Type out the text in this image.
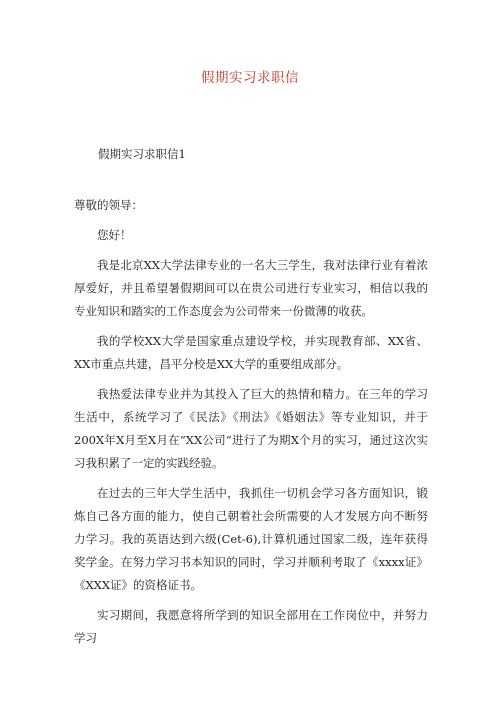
假期实习求职信
假期实习求职信1

尊敬的领导：

您好！

我是北京XX大学法律专业的一名大三学生，我对法律行业有着浓厚爱好，并且希望暑假期间可以在贵公司进行专业实习，相信以我的专业知识和踏实的工作态度会为公司带来一份微薄的收获。

我的学校XX大学是国家重点建设学校，并实现教育部、XX省、XX市重点共建，昌平分校是XX大学的重要组成部分。

我热爱法律专业并为其投入了巨大的热情和精力。在三年的学习生活中，系统学习了《民法》《刑法》《婚姻法》等专业知识，并于200X年X月至X月在“XX公司”进行了为期X个月的实习，通过这次实习我积累了一定的实践经验。

在过去的三年大学生活中，我抓住一切机会学习各方面知识，锻炼自己各方面的能力，使自己朝着社会所需要的人才发展方向不断努力学习。我的英语达到六级(Cet-6),计算机通过国家二级，连年获得奖学金。在努力学习书本知识的同时，学习并顺利考取了《xxxx证》《XXX证》的资格证书。

实习期间，我愿意将所学到的知识全部用在工作岗位中，并努力学习
